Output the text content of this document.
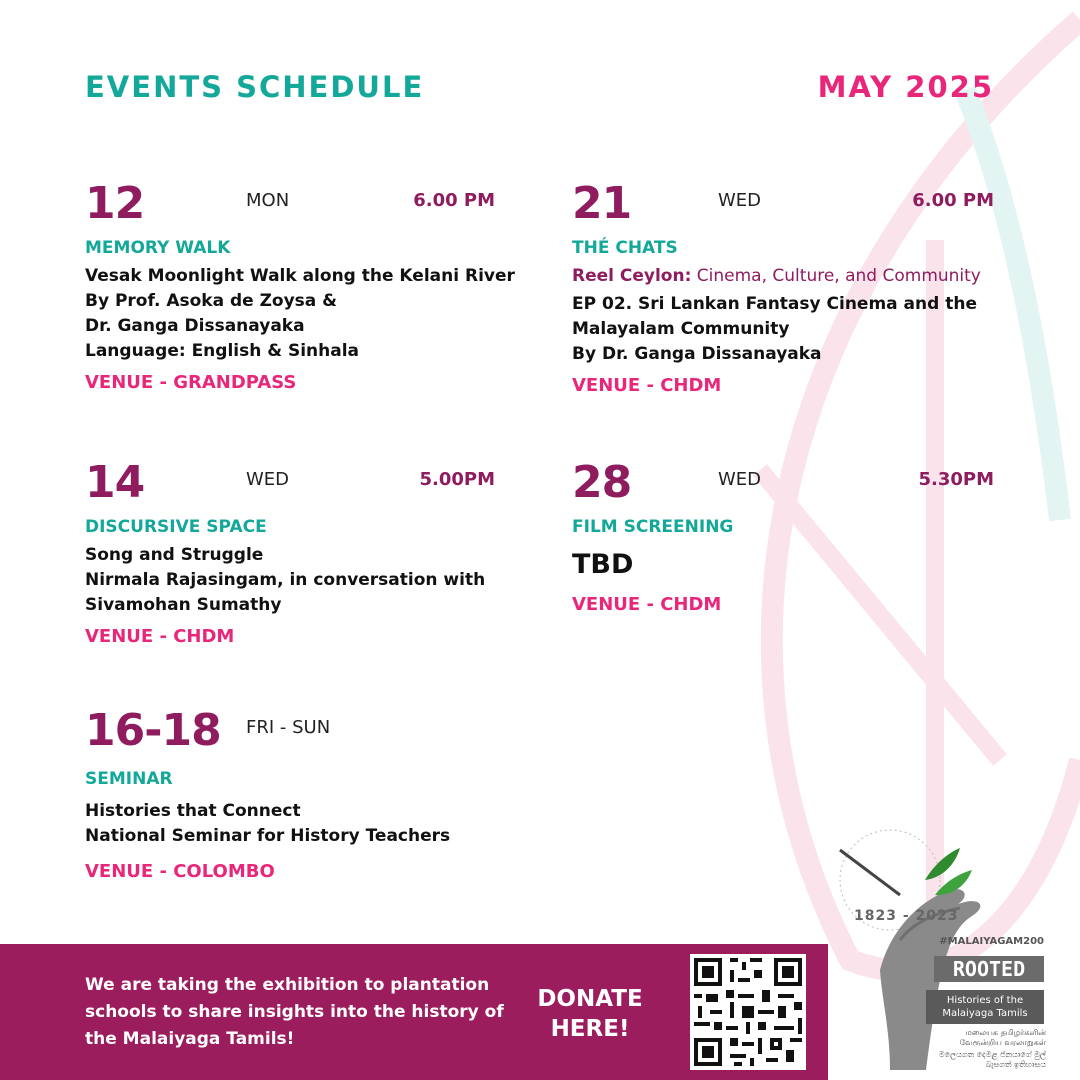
EVENTS SCHEDULE	MAY 2025
12	MON	6.00 PM
MEMORY WALK
Vesak Moonlight Walk along the Kelani River
By Prof. Asoka de Zoysa &
Dr. Ganga Dissanayaka
Language: English & Sinhala
VENUE - GRANDPASS
21	WED	6.00 PM
THÉ CHATS
Reel Ceylon: Cinema, Culture, and Community
EP 02. Sri Lankan Fantasy Cinema and the
Malayalam Community
By Dr. Ganga Dissanayaka
VENUE - CHDM
14	WED	5.00PM
DISCURSIVE SPACE
Song and Struggle
Nirmala Rajasingam, in conversation with
Sivamohan Sumathy
VENUE - CHDM
28	WED	5.30PM
FILM SCREENING
TBD
VENUE - CHDM
16-18 FRI - SUN
SEMINAR
Histories that Connect
National Seminar for History Teachers
VENUE - COLOMBO
We are taking the exhibition to plantation schools to share insights into the history of the Malaiyaga Tamils!
DONATE
HERE!
1823 - 2023
#MALAIYAGAM200
ROOTED
Histories of the Malaiyaga Tamils
மலையக தமிழர்களின் வேரூன்றிய வரலாறுகள்
මලෙයගත දෙමළ ජනයාගේ මුල් බැසගත් ඉතිහාසය
